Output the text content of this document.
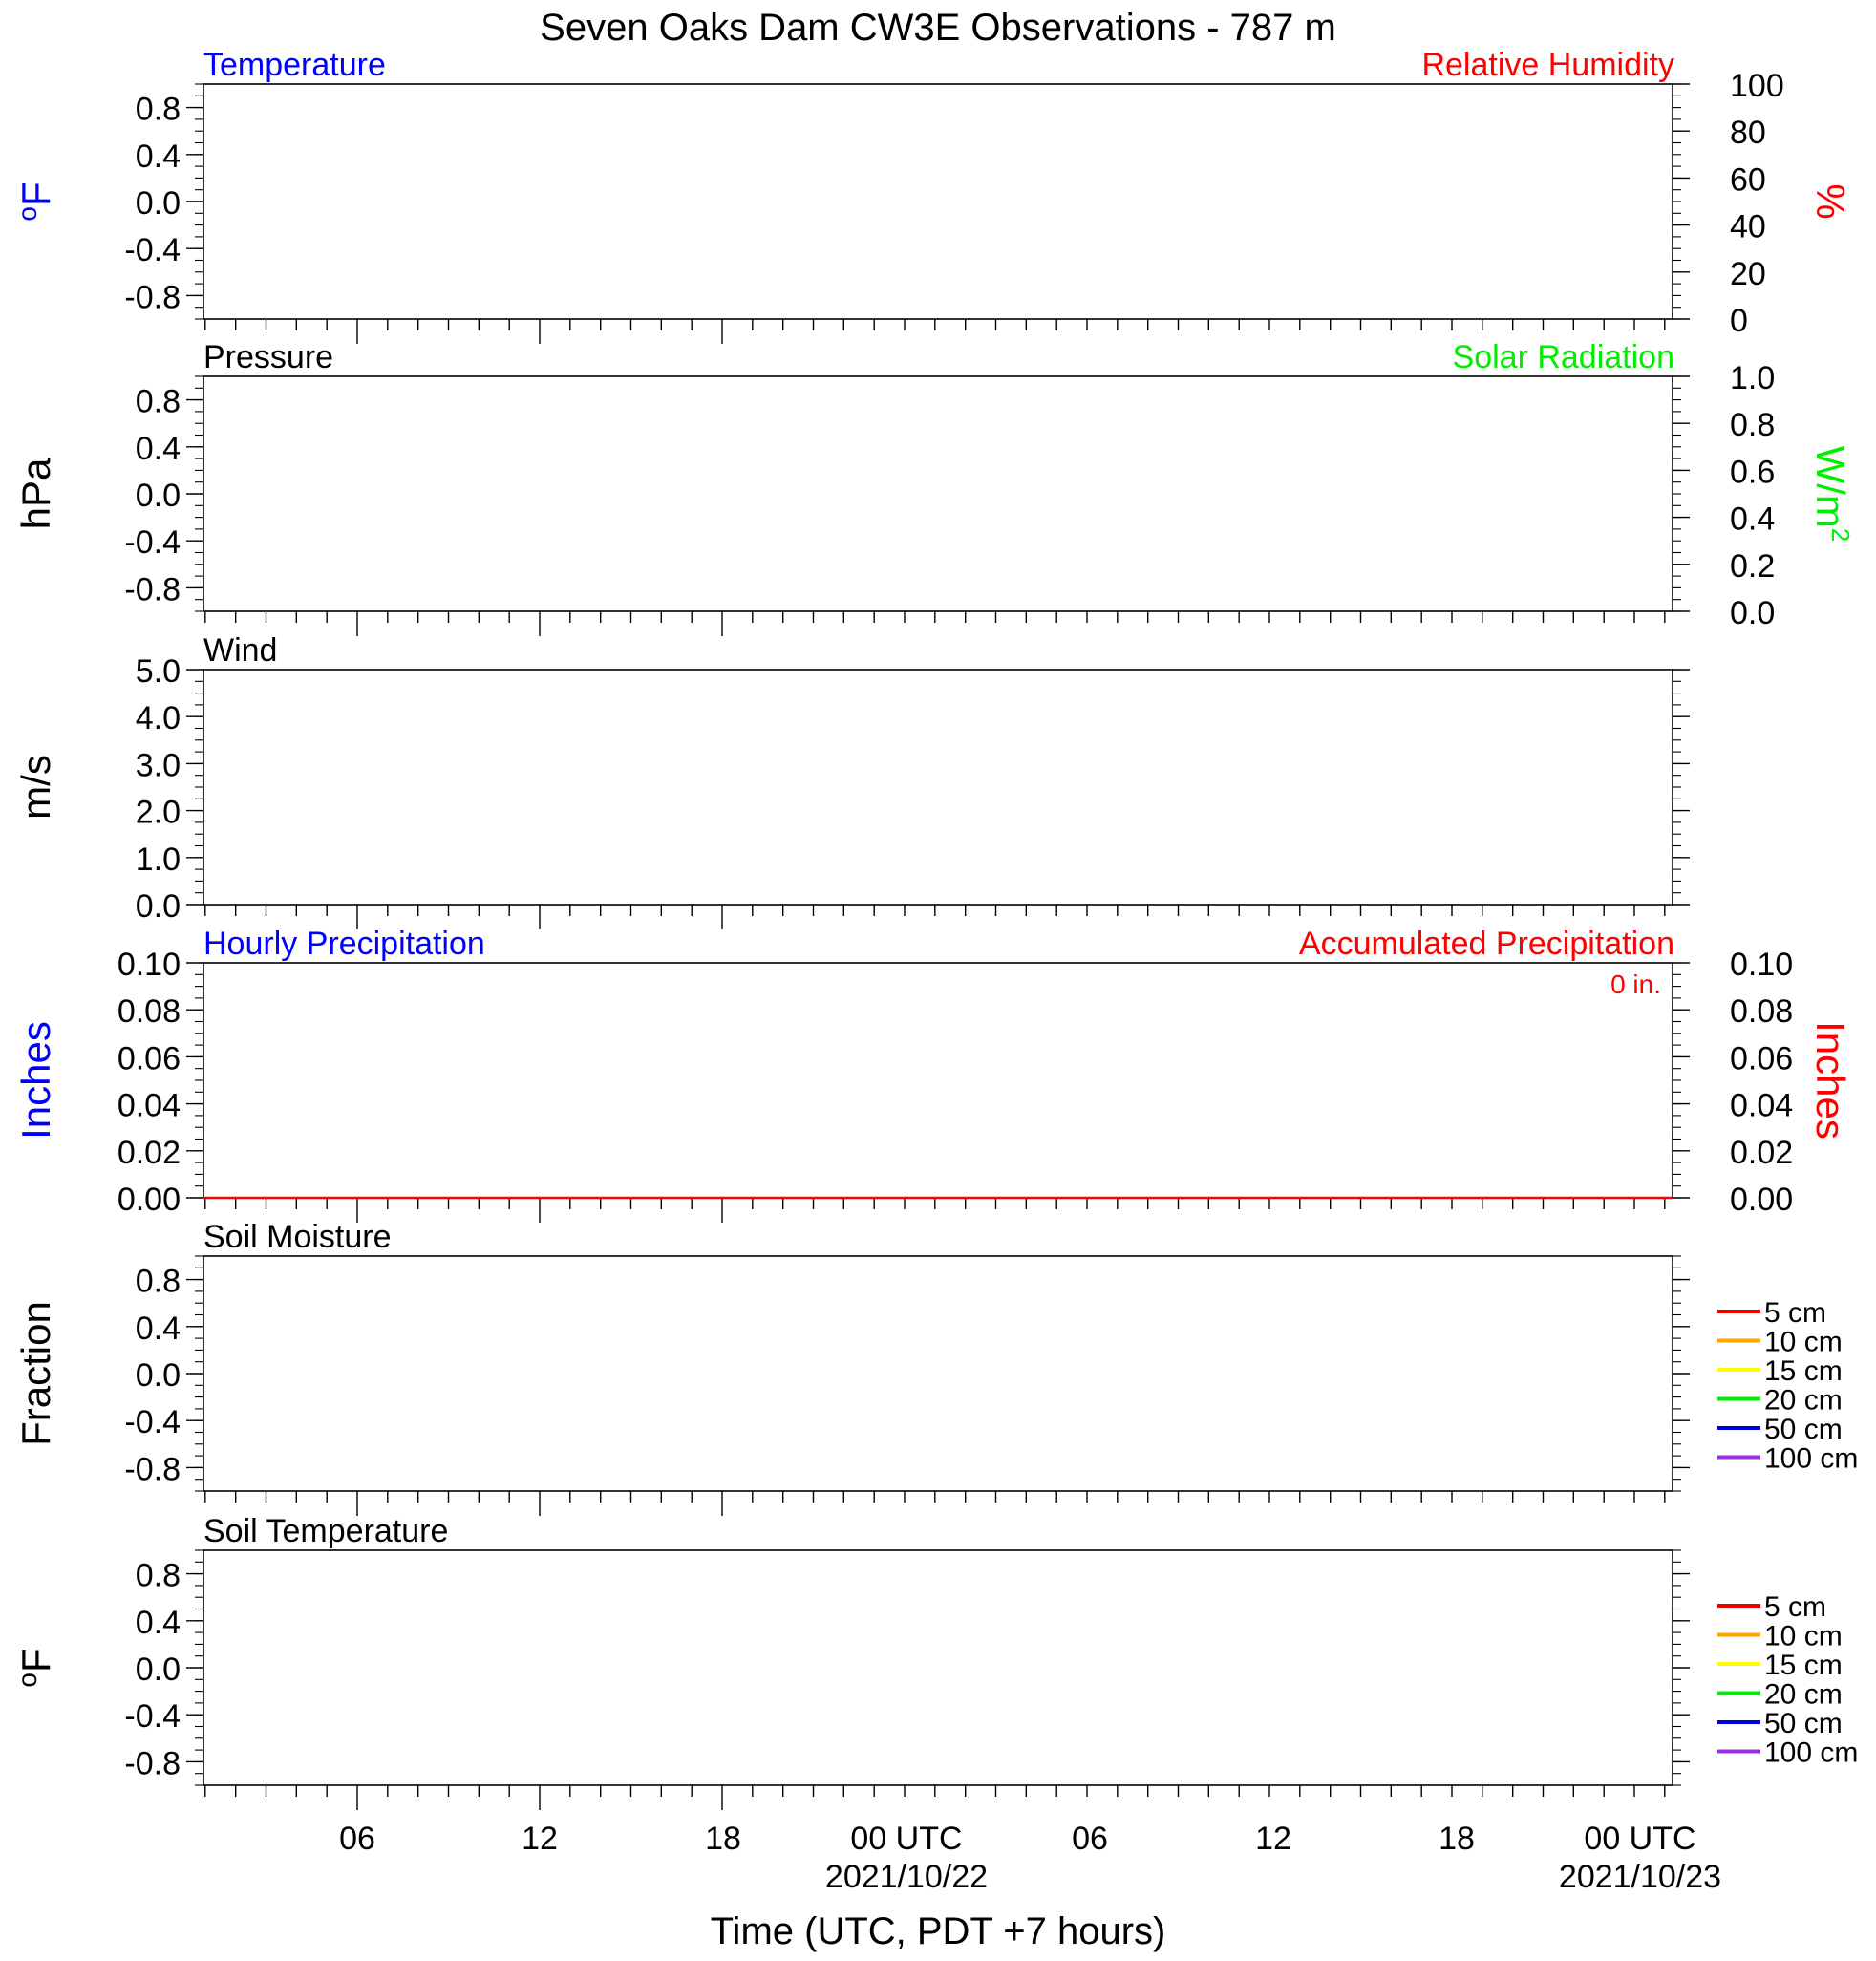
Seven Oaks Dam CW3E Observations - 787 m
0.8
0.4
0.0
-0.4
-0.8
100
80
60
40
20
0
Temperature	Relative Humidity
$^o$F	%
0.8
0.4
0.0
-0.4
-0.8
1.0
0.8
0.6
0.4
0.2
0.0
Pressure	Solar Radiation
hPa	$W/m^2$
5.0
4.0
3.0
2.0
1.0
0.0
Wind
m/s
0.10
0.08
0.06
0.04
0.02
0.00
0.10
0.08
0.06
0.04
0.02
0.00
Hourly Precipitation	Accumulated Precipitation
0 in.
Inches	Inches
0.8
0.4
0.0
-0.4
-0.8
Soil Moisture
Fraction	5 cm
10 cm
15 cm
20 cm
50 cm
100 cm
0.8
0.4
0.0
-0.4
-0.8
Soil Temperature
$^o$F
5 cm
10 cm
15 cm
20 cm
50 cm
100 cm
06	12	18	00 UTC
2021/10/22
06	12	18	00 UTC
2021/10/23
Time (UTC, PDT +7 hours)
